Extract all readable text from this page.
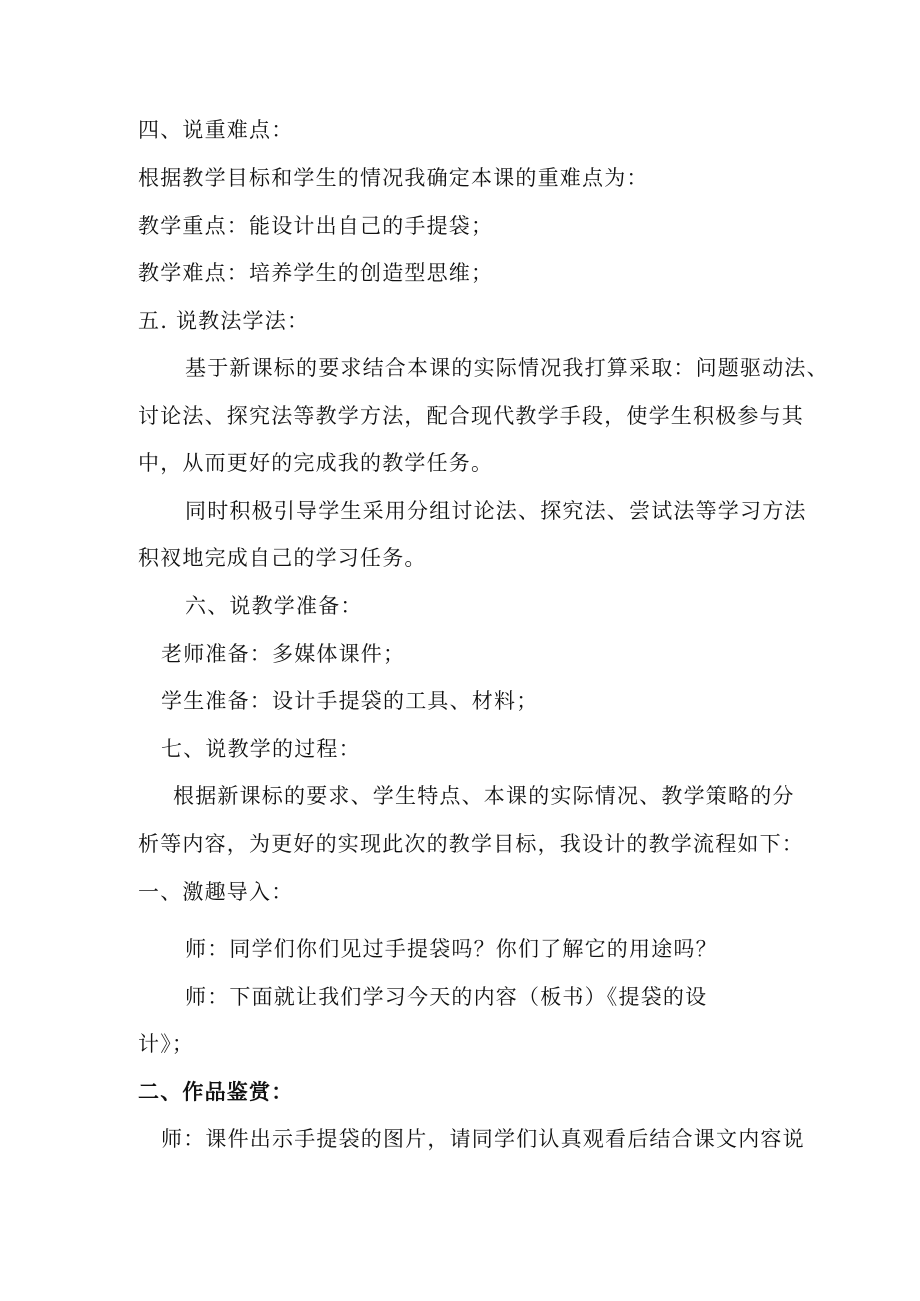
四、说重难点：
根据教学目标和学生的情况我确定本课的重难点为：
教学重点：能设计出自己的手提袋；
教学难点：培养学生的创造型思维；
五. 说教法学法：
基于新课标的要求结合本课的实际情况我打算采取：问题驱动法、
讨论法、探究法等教学方法，配合现代教学手段，使学生积极参与其
中，从而更好的完成我的教学任务。
同时积极引导学生采用分组讨论法、探究法、尝试法等学习方法
积衩地完成自己的学习任务。
六、说教学准备：
老师准备：多媒体课件；
学生准备：设计手提袋的工具、材料；
七、说教学的过程：
根据新课标的要求、学生特点、本课的实际情况、教学策略的分
析等内容，为更好的实现此次的教学目标，我设计的教学流程如下：
一、激趣导入：
师：同学们你们见过手提袋吗？你们了解它的用途吗？
师：下面就让我们学习今天的内容（板书）《提袋的设
计》；
二、作品鉴赏：
师：课件出示手提袋的图片，请同学们认真观看后结合课文内容说
